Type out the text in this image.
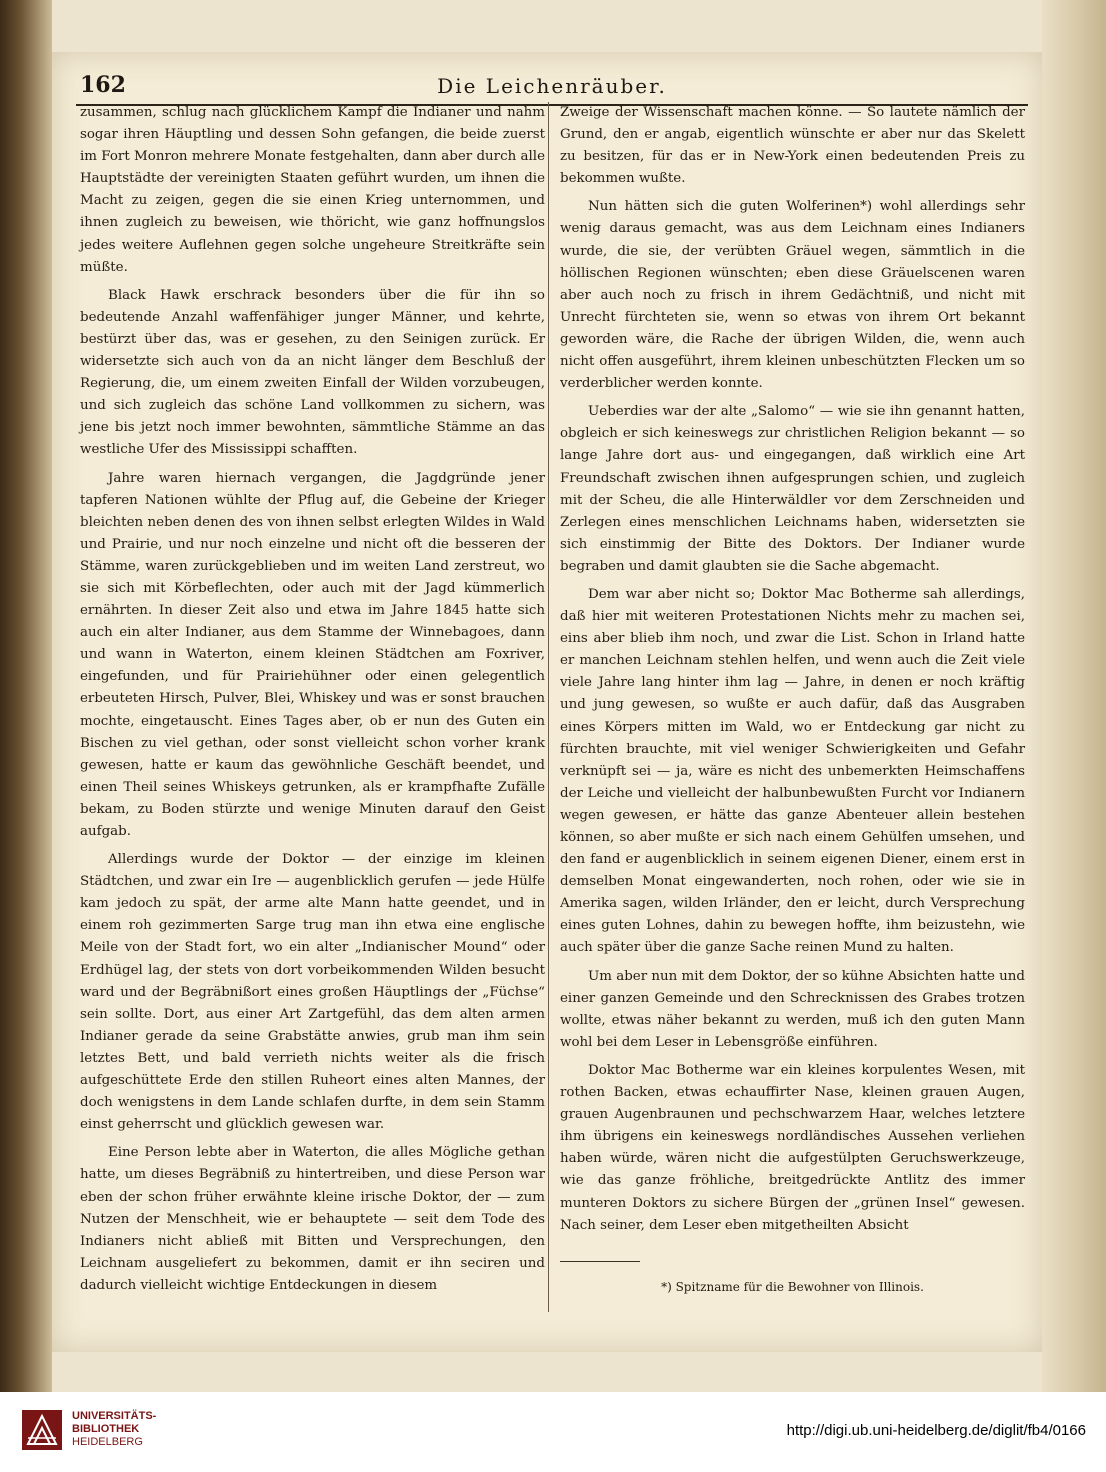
162	Die Leichenräuber.

zusammen, schlug nach glücklichem Kampf die Indianer und nahm sogar ihren Häuptling und dessen Sohn gefangen, die beide zuerst im Fort Monron mehrere Monate festgehalten, dann aber durch alle Hauptstädte der vereinigten Staaten geführt wurden, um ihnen die Macht zu zeigen, gegen die sie einen Krieg unternommen, und ihnen zugleich zu beweisen, wie thöricht, wie ganz hoffnungslos jedes weitere Auflehnen gegen solche ungeheure Streitkräfte sein müßte.

Black Hawk erschrack besonders über die für ihn so bedeutende Anzahl waffenfähiger junger Männer, und kehrte, bestürzt über das, was er gesehen, zu den Seinigen zurück. Er widersetzte sich auch von da an nicht länger dem Beschluß der Regierung, die, um einem zweiten Einfall der Wilden vorzubeugen, und sich zugleich das schöne Land vollkommen zu sichern, was jene bis jetzt noch immer bewohnten, sämmtliche Stämme an das westliche Ufer des Mississippi schafften.

Jahre waren hiernach vergangen, die Jagdgründe jener tapferen Nationen wühlte der Pflug auf, die Gebeine der Krieger bleichten neben denen des von ihnen selbst erlegten Wildes in Wald und Prairie, und nur noch einzelne und nicht oft die besseren der Stämme, waren zurückgeblieben und im weiten Land zerstreut, wo sie sich mit Körbeflechten, oder auch mit der Jagd kümmerlich ernährten. In dieser Zeit also und etwa im Jahre 1845 hatte sich auch ein alter Indianer, aus dem Stamme der Winnebagoes, dann und wann in Waterton, einem kleinen Städtchen am Foxriver, eingefunden, und für Prairiehühner oder einen gelegentlich erbeuteten Hirsch, Pulver, Blei, Whiskey und was er sonst brauchen mochte, eingetauscht. Eines Tages aber, ob er nun des Guten ein Bischen zu viel gethan, oder sonst vielleicht schon vorher krank gewesen, hatte er kaum das gewöhnliche Geschäft beendet, und einen Theil seines Whiskeys getrunken, als er krampfhafte Zufälle bekam, zu Boden stürzte und wenige Minuten darauf den Geist aufgab.

Allerdings wurde der Doktor — der einzige im kleinen Städtchen, und zwar ein Ire — augenblicklich gerufen — jede Hülfe kam jedoch zu spät, der arme alte Mann hatte geendet, und in einem roh gezimmerten Sarge trug man ihn etwa eine englische Meile von der Stadt fort, wo ein alter „Indianischer Mound“ oder Erdhügel lag, der stets von dort vorbeikommenden Wilden besucht ward und der Begräbnißort eines großen Häuptlings der „Füchse“ sein sollte. Dort, aus einer Art Zartgefühl, das dem alten armen Indianer gerade da seine Grabstätte anwies, grub man ihm sein letztes Bett, und bald verrieth nichts weiter als die frisch aufgeschüttete Erde den stillen Ruheort eines alten Mannes, der doch wenigstens in dem Lande schlafen durfte, in dem sein Stamm einst geherrscht und glücklich gewesen war.

Eine Person lebte aber in Waterton, die alles Mögliche gethan hatte, um dieses Begräbniß zu hintertreiben, und diese Person war eben der schon früher erwähnte kleine irische Doktor, der — zum Nutzen der Menschheit, wie er behauptete — seit dem Tode des Indianers nicht abließ mit Bitten und Versprechungen, den Leichnam ausgeliefert zu bekommen, damit er ihn seciren und dadurch vielleicht wichtige Entdeckungen in diesem

Zweige der Wissenschaft machen könne. — So lautete nämlich der Grund, den er angab, eigentlich wünschte er aber nur das Skelett zu besitzen, für das er in New-York einen bedeutenden Preis zu bekommen wußte.

Nun hätten sich die guten Wolferinen*) wohl allerdings sehr wenig daraus gemacht, was aus dem Leichnam eines Indianers wurde, die sie, der verübten Gräuel wegen, sämmtlich in die höllischen Regionen wünschten; eben diese Gräuelscenen waren aber auch noch zu frisch in ihrem Gedächtniß, und nicht mit Unrecht fürchteten sie, wenn so etwas von ihrem Ort bekannt geworden wäre, die Rache der übrigen Wilden, die, wenn auch nicht offen ausgeführt, ihrem kleinen unbeschützten Flecken um so verderblicher werden konnte.

Ueberdies war der alte „Salomo“ — wie sie ihn genannt hatten, obgleich er sich keineswegs zur christlichen Religion bekannt — so lange Jahre dort aus- und eingegangen, daß wirklich eine Art Freundschaft zwischen ihnen aufgesprungen schien, und zugleich mit der Scheu, die alle Hinterwäldler vor dem Zerschneiden und Zerlegen eines menschlichen Leichnams haben, widersetzten sie sich einstimmig der Bitte des Doktors. Der Indianer wurde begraben und damit glaubten sie die Sache abgemacht.

Dem war aber nicht so; Doktor Mac Botherme sah allerdings, daß hier mit weiteren Protestationen Nichts mehr zu machen sei, eins aber blieb ihm noch, und zwar die List. Schon in Irland hatte er manchen Leichnam stehlen helfen, und wenn auch die Zeit viele viele Jahre lang hinter ihm lag — Jahre, in denen er noch kräftig und jung gewesen, so wußte er auch dafür, daß das Ausgraben eines Körpers mitten im Wald, wo er Entdeckung gar nicht zu fürchten brauchte, mit viel weniger Schwierigkeiten und Gefahr verknüpft sei — ja, wäre es nicht des unbemerkten Heimschaffens der Leiche und vielleicht der halbunbewußten Furcht vor Indianern wegen gewesen, er hätte das ganze Abenteuer allein bestehen können, so aber mußte er sich nach einem Gehülfen umsehen, und den fand er augenblicklich in seinem eigenen Diener, einem erst in demselben Monat eingewanderten, noch rohen, oder wie sie in Amerika sagen, wilden Irländer, den er leicht, durch Versprechung eines guten Lohnes, dahin zu bewegen hoffte, ihm beizustehn, wie auch später über die ganze Sache reinen Mund zu halten.

Um aber nun mit dem Doktor, der so kühne Absichten hatte und einer ganzen Gemeinde und den Schrecknissen des Grabes trotzen wollte, etwas näher bekannt zu werden, muß ich den guten Mann wohl bei dem Leser in Lebensgröße einführen.

Doktor Mac Botherme war ein kleines korpulentes Wesen, mit rothen Backen, etwas echauffirter Nase, kleinen grauen Augen, grauen Augenbraunen und pechschwarzem Haar, welches letztere ihm übrigens ein keineswegs nordländisches Aussehen verliehen haben würde, wären nicht die aufgestülpten Geruchswerkzeuge, wie das ganze fröhliche, breitgedrückte Antlitz des immer munteren Doktors zu sichere Bürgen der „grünen Insel“ gewesen. Nach seiner, dem Leser eben mitgetheilten Absicht

*) Spitzname für die Bewohner von Illinois.
UNIVERSITÄTS-
BIBLIOTHEK
HEIDELBERG
http://digi.ub.uni-heidelberg.de/diglit/fb4/0166
